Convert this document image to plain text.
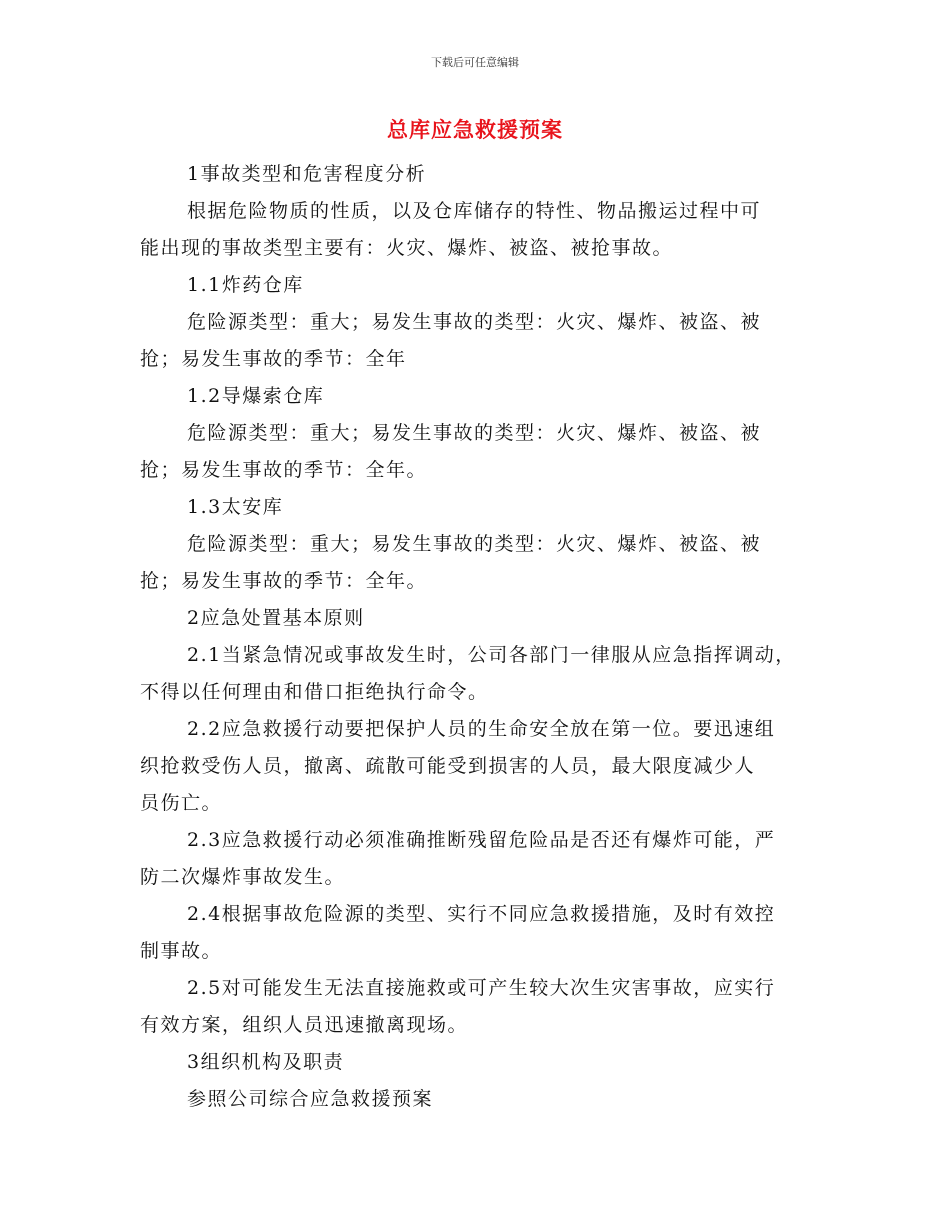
下载后可任意编辑
总库应急救援预案
1事故类型和危害程度分析
根据危险物质的性质，以及仓库储存的特性、物品搬运过程中可
能出现的事故类型主要有：火灾、爆炸、被盗、被抢事故。
1.1炸药仓库
危险源类型：重大；易发生事故的类型：火灾、爆炸、被盗、被
抢；易发生事故的季节：全年
1.2导爆索仓库
危险源类型：重大；易发生事故的类型：火灾、爆炸、被盗、被
抢；易发生事故的季节：全年。
1.3太安库
危险源类型：重大；易发生事故的类型：火灾、爆炸、被盗、被
抢；易发生事故的季节：全年。
2应急处置基本原则
2.1当紧急情况或事故发生时，公司各部门一律服从应急指挥调动，
不得以任何理由和借口拒绝执行命令。
2.2应急救援行动要把保护人员的生命安全放在第一位。要迅速组
织抢救受伤人员，撤离、疏散可能受到损害的人员，最大限度减少人
员伤亡。
2.3应急救援行动必须准确推断残留危险品是否还有爆炸可能，严
防二次爆炸事故发生。
2.4根据事故危险源的类型、实行不同应急救援措施，及时有效控
制事故。
2.5对可能发生无法直接施救或可产生较大次生灾害事故，应实行
有效方案，组织人员迅速撤离现场。
3组织机构及职责
参照公司综合应急救援预案
